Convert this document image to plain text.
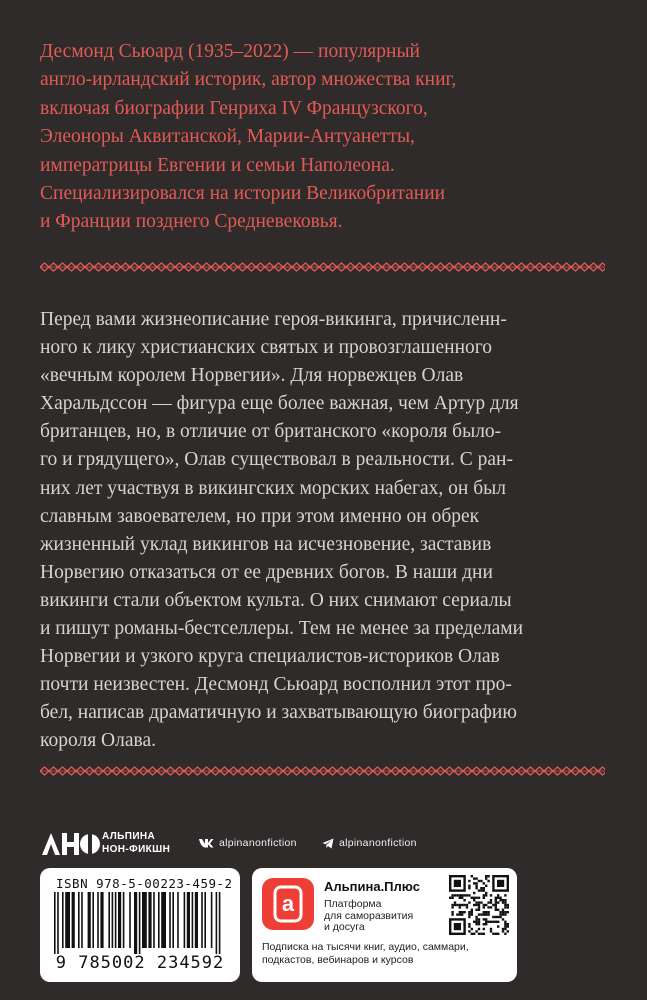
Десмонд Сьюард (1935–2022) — популярный
англо-ирландский историк, автор множества книг,
включая биографии Генриха IV Французского,
Элеоноры Аквитанской, Марии-Антуанетты,
императрицы Евгении и семьи Наполеона.
Специализировался на истории Великобритании
и Франции позднего Средневековья.
Перед вами жизнеописание героя-викинга, причисленн-
ного к лику христианских святых и провозглашенного
«вечным королем Норвегии». Для норвежцев Олав
Харальдссон — фигура еще более важная, чем Артур для
британцев, но, в отличие от британского «короля было-
го и грядущего», Олав существовал в реальности. С ран-
них лет участвуя в викингских морских набегах, он был
славным завоевателем, но при этом именно он обрек
жизненный уклад викингов на исчезновение, заставив
Норвегию отказаться от ее древних богов. В наши дни
викинги стали объектом культа. О них снимают сериалы
и пишут романы-бестселлеры. Тем не менее за пределами
Норвегии и узкого круга специалистов-историков Олав
почти неизвестен. Десмонд Сьюард восполнил этот про-
бел, написав драматичную и захватывающую биографию
короля Олава.
АЛЬПИНА
НОН-ФИКШН
alpinanonfiction	alpinanonfiction
ISBN 978-5-00223-459-2
9 785002 234592
a
Альпина.Плюс
Платформа
для саморазвития
и досуга
Подписка на тысячи книг, аудио, саммари,
подкастов, вебинаров и курсов
